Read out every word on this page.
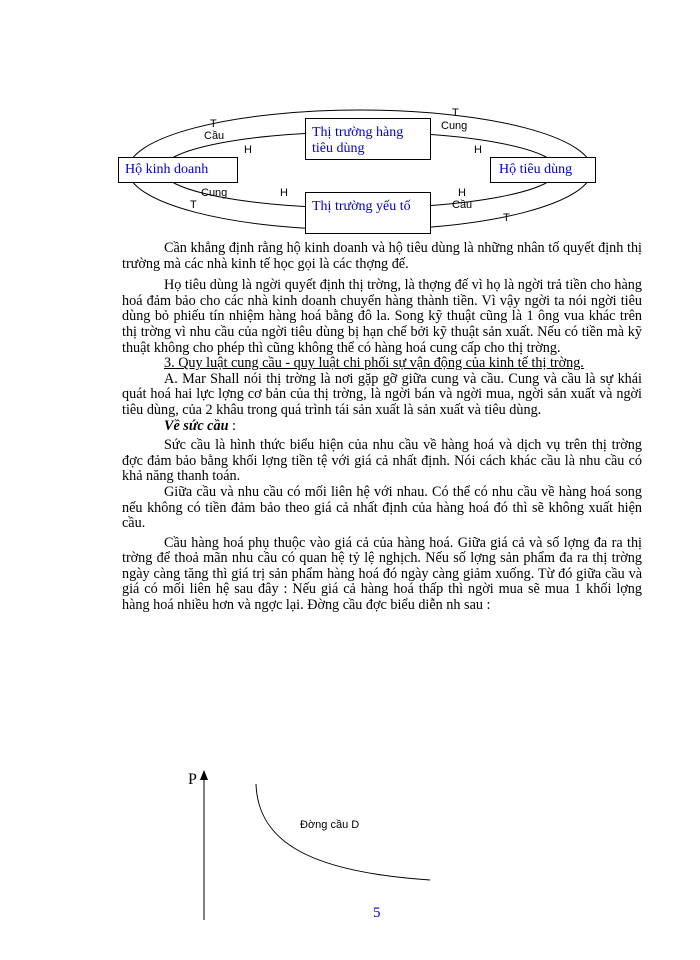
Thị trường hàng tiêu dùng
Hộ kinh doanh	Hộ tiêu dùng
Thị trường yếu tố
T
Cầu
H
T
Cung
H
Cung	H
T
H
Cầu
T

Cần khẳng định rằng hộ kinh doanh và hộ tiêu dùng là những nhân tố quyết định thị trường mà các nhà kinh tế học gọi là các thợng đế.

Họ tiêu dùng là ngời quyết định thị trờng, là thợng đế vì họ là ngời trả tiền cho hàng hoá đảm bảo cho các nhà kinh doanh chuyển hàng thành tiền. Vì vậy ngời ta nói ngời tiêu dùng bỏ phiếu tín nhiệm hàng hoá bằng đô la. Song kỹ thuật cũng là 1 ông vua khác trên thị trờng vì nhu cầu của ngời tiêu dùng bị hạn chế bởi kỹ thuật sản xuất. Nếu có tiền mà kỹ thuật không cho phép thì cũng không thể có hàng hoá cung cấp cho thị trờng.

3. Quy luật cung cầu - quy luật chi phối sự vận động của kinh tế thị trờng.

A. Mar Shall nói thị trờng là nơi gặp gỡ giữa cung và cầu. Cung và cầu là sự khái quát hoá hai lực lợng cơ bản của thị trờng, là ngời bán và ngời mua, ngời sản xuất và ngời tiêu dùng, của 2 khâu trong quá trình tái sản xuất là sản xuất và tiêu dùng.

Về sức cầu :

Sức cầu là hình thức biểu hiện của nhu cầu về hàng hoá và dịch vụ trên thị trờng đợc đảm bảo bằng khối lợng tiền tệ với giá cả nhất định. Nói cách khác cầu là nhu cầu có khả năng thanh toán.

Giữa cầu và nhu cầu có mối liên hệ với nhau. Có thể có nhu cầu về hàng hoá song nếu không có tiền đảm bảo theo giá cả nhất định của hàng hoá đó thì sẽ không xuất hiện cầu.

Cầu hàng hoá phụ thuộc vào giá cả của hàng hoá. Giữa giá cả và số lợng đa ra thị trờng để thoả mãn nhu cầu có quan hệ tỷ lệ nghịch. Nếu số lợng sản phẩm đa ra thị trờng ngày càng tăng thì giá trị sản phẩm hàng hoá đó ngày càng giảm xuống. Từ đó giữa cầu và giá có mối liên hệ sau đây : Nếu giá cả hàng hoá thấp thì ngời mua sẽ mua 1 khối lợng hàng hoá nhiều hơn và ngợc lại. Đờng cầu đợc biểu diễn nh sau :

P
Đờng cầu D
5
